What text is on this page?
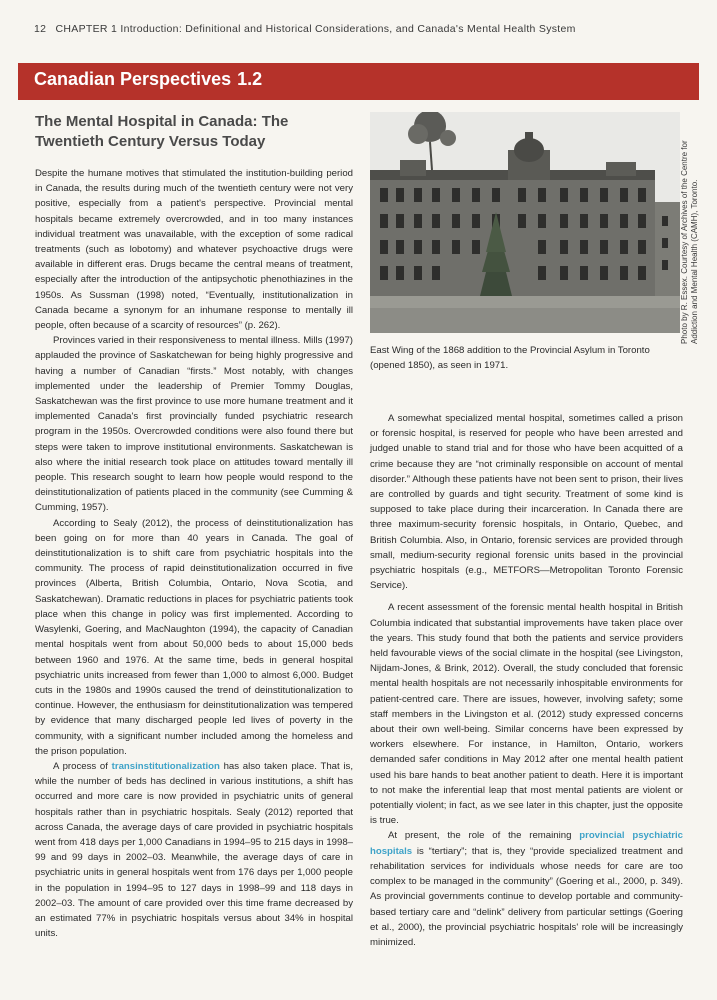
12 CHAPTER 1 Introduction: Definitional and Historical Considerations, and Canada's Mental Health System
Canadian Perspectives 1.2
The Mental Hospital in Canada: The Twentieth Century Versus Today

Despite the humane motives that stimulated the institution-building period in Canada, the results during much of the twentieth century were not very positive, especially from a patient's perspective. Provincial mental hospitals became extremely overcrowded, and in too many instances individual treatment was unavailable, with the exception of some radical treatments (such as lobotomy) and whatever psychoactive drugs were available in different eras. Drugs became the central means of treatment, especially after the introduction of the antipsychotic phenothiazines in the 1950s. As Sussman (1998) noted, “Eventually, institutionalization in Canada became a synonym for an inhumane response to mentally ill people, often because of a scarcity of resources” (p. 262).

Provinces varied in their responsiveness to mental illness. Mills (1997) applauded the province of Saskatchewan for being highly progressive and having a number of Canadian “firsts.” Most notably, with changes implemented under the leadership of Premier Tommy Douglas, Saskatchewan was the first province to use more humane treatment and it implemented Canada's first provincially funded psychiatric research program in the 1950s. Overcrowded conditions were also found there but steps were taken to improve institutional environments. Saskatchewan is also where the initial research took place on attitudes toward mentally ill people. This research sought to learn how people would respond to the deinstitutionalization of patients placed in the community (see Cumming & Cumming, 1957).

According to Sealy (2012), the process of deinstitutionalization has been going on for more than 40 years in Canada. The goal of deinstitutionalization is to shift care from psychiatric hospitals into the community. The process of rapid deinstitutionalization occurred in five provinces (Alberta, British Columbia, Ontario, Nova Scotia, and Saskatchewan). Dramatic reductions in places for psychiatric patients took place when this change in policy was first implemented. According to Wasylenki, Goering, and MacNaughton (1994), the capacity of Canadian mental hospitals went from about 50,000 beds to about 15,000 beds between 1960 and 1976. At the same time, beds in general hospital psychiatric units increased from fewer than 1,000 to almost 6,000. Budget cuts in the 1980s and 1990s caused the trend of deinstitutionalization to continue. However, the enthusiasm for deinstitutionalization was tempered by evidence that many discharged people led lives of poverty in the community, with a significant number included among the homeless and the prison population.

A process of transinstitutionalization has also taken place. That is, while the number of beds has declined in various institutions, a shift has occurred and more care is now provided in psychiatric units of general hospitals rather than in psychiatric hospitals. Sealy (2012) reported that across Canada, the average days of care provided in psychiatric hospitals went from 418 days per 1,000 Canadians in 1994–95 to 215 days in 1998–99 and 99 days in 2002–03. Meanwhile, the average days of care in psychiatric units in general hospitals went from 176 days per 1,000 people in the population in 1994–95 to 127 days in 1998–99 and 118 days in 2002–03. The amount of care provided over this time frame decreased by an estimated 77% in psychiatric hospitals versus about 34% in hospital units.

East Wing of the 1868 addition to the Provincial Asylum in Toronto (opened 1850), as seen in 1971.

A somewhat specialized mental hospital, sometimes called a prison or forensic hospital, is reserved for people who have been arrested and judged unable to stand trial and for those who have been acquitted of a crime because they are “not criminally responsible on account of mental disorder.” Although these patients have not been sent to prison, their lives are controlled by guards and tight security. Treatment of some kind is supposed to take place during their incarceration. In Canada there are three maximum-security forensic hospitals, in Ontario, Quebec, and British Columbia. Also, in Ontario, forensic services are provided through small, medium-security regional forensic units based in the provincial psychiatric hospitals (e.g., METFORS—Metropolitan Toronto Forensic Service).

A recent assessment of the forensic mental health hospital in British Columbia indicated that substantial improvements have taken place over the years. This study found that both the patients and service providers held favourable views of the social climate in the hospital (see Livingston, Nijdam-Jones, & Brink, 2012). Overall, the study concluded that forensic mental health hospitals are not necessarily inhospitable environments for patient-centred care. There are issues, however, involving safety; some staff members in the Livingston et al. (2012) study expressed concerns about their own well-being. Similar concerns have been expressed by workers elsewhere. For instance, in Hamilton, Ontario, workers demanded safer conditions in May 2012 after one mental health patient used his bare hands to beat another patient to death. Here it is important to not make the inferential leap that most mental patients are violent or potentially violent; in fact, as we see later in this chapter, just the opposite is true.

At present, the role of the remaining provincial psychiatric hospitals is “tertiary”; that is, they “provide specialized treatment and rehabilitation services for individuals whose needs for care are too complex to be managed in the community” (Goering et al., 2000, p. 349). As provincial governments continue to develop portable and community-based tertiary care and “delink” delivery from particular settings (Goering et al., 2000), the provincial psychiatric hospitals' role will be increasingly minimized.

Photo by R. Essex. Courtesy of Archives of the Centre for Addiction and Mental Health (CAMH), Toronto.
